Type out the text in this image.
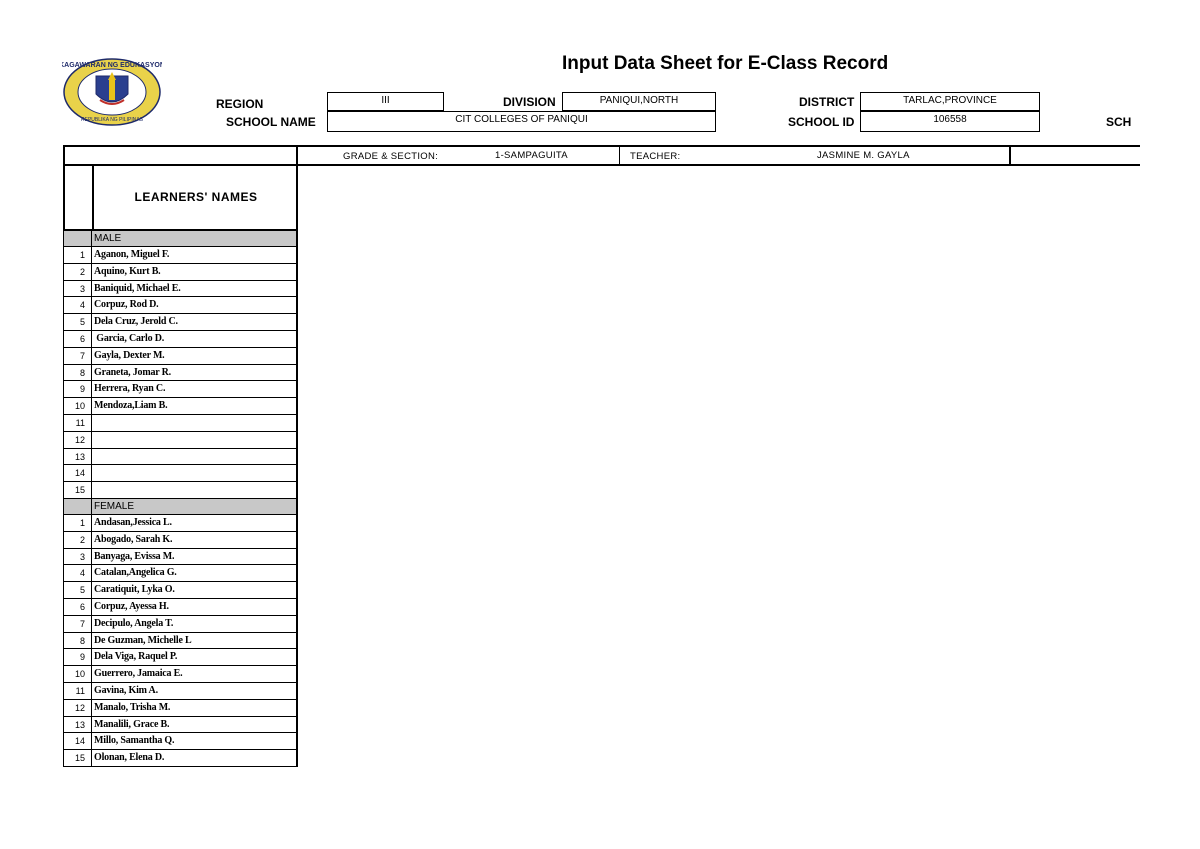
KAGAWARAN NG EDUKASYON
REPUBLIKA NG PILIPINAS
Input Data Sheet for E-Class Record
REGION	III	DIVISION	PANIQUI,NORTH	DISTRICT	TARLAC,PROVINCE
SCHOOL NAME	CIT COLLEGES OF PANIQUI	SCHOOL ID	106558	SCH
GRADE & SECTION:	1-SAMPAGUITA	TEACHER:	JASMINE M. GAYLA
LEARNERS' NAMES
MALE
1 Aganon, Miguel F.
2 Aquino, Kurt B.
3 Baniquid, Michael E.
4 Corpuz, Rod D.
5 Dela Cruz, Jerold C.
6 Garcia, Carlo D.
7 Gayla, Dexter M.
8 Graneta, Jomar R.
9 Herrera, Ryan C.
10 Mendoza,Liam B.
11
12
13
14
15
FEMALE
1 Andasan,Jessica L.
2 Abogado, Sarah K.
3 Banyaga, Evissa M.
4 Catalan,Angelica G.
5 Caratiquit, Lyka O.
6 Corpuz, Ayessa H.
7 Decipulo, Angela T.
8 De Guzman, Michelle L
9 Dela Viga, Raquel P.
10 Guerrero, Jamaica E.
11 Gavina, Kim A.
12 Manalo, Trisha M.
13 Manalili, Grace B.
14 Millo, Samantha Q.
15 Olonan, Elena D.
